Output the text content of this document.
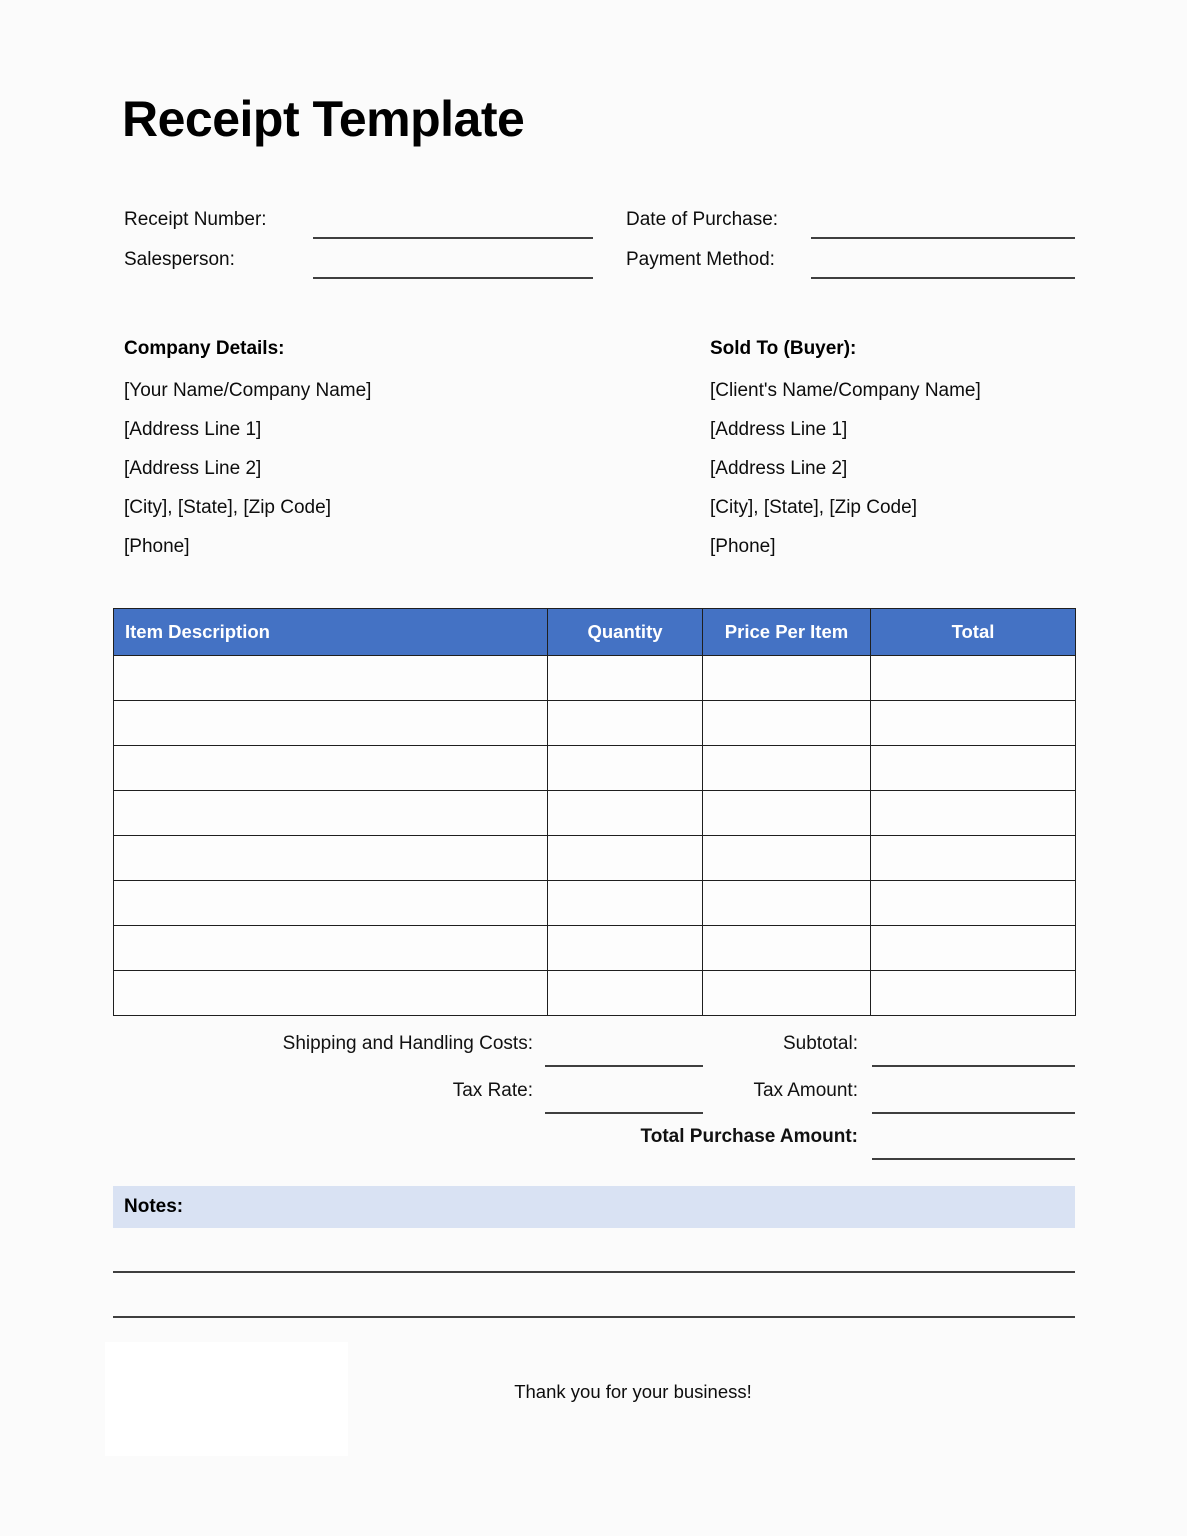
Receipt Template
Receipt Number:	Date of Purchase:
Salesperson:	Payment Method:
Company Details:
[Your Name/Company Name]
[Address Line 1]
[Address Line 2]
[City], [State], [Zip Code]
[Phone]
Sold To (Buyer):
[Client's Name/Company Name]
[Address Line 1]
[Address Line 2]
[City], [State], [Zip Code]
[Phone]
Item Description	Quantity	Price Per Item	Total

Shipping and Handling Costs:	Subtotal:
Tax Rate:	Tax Amount:
Total Purchase Amount:
Notes:
Thank you for your business!
